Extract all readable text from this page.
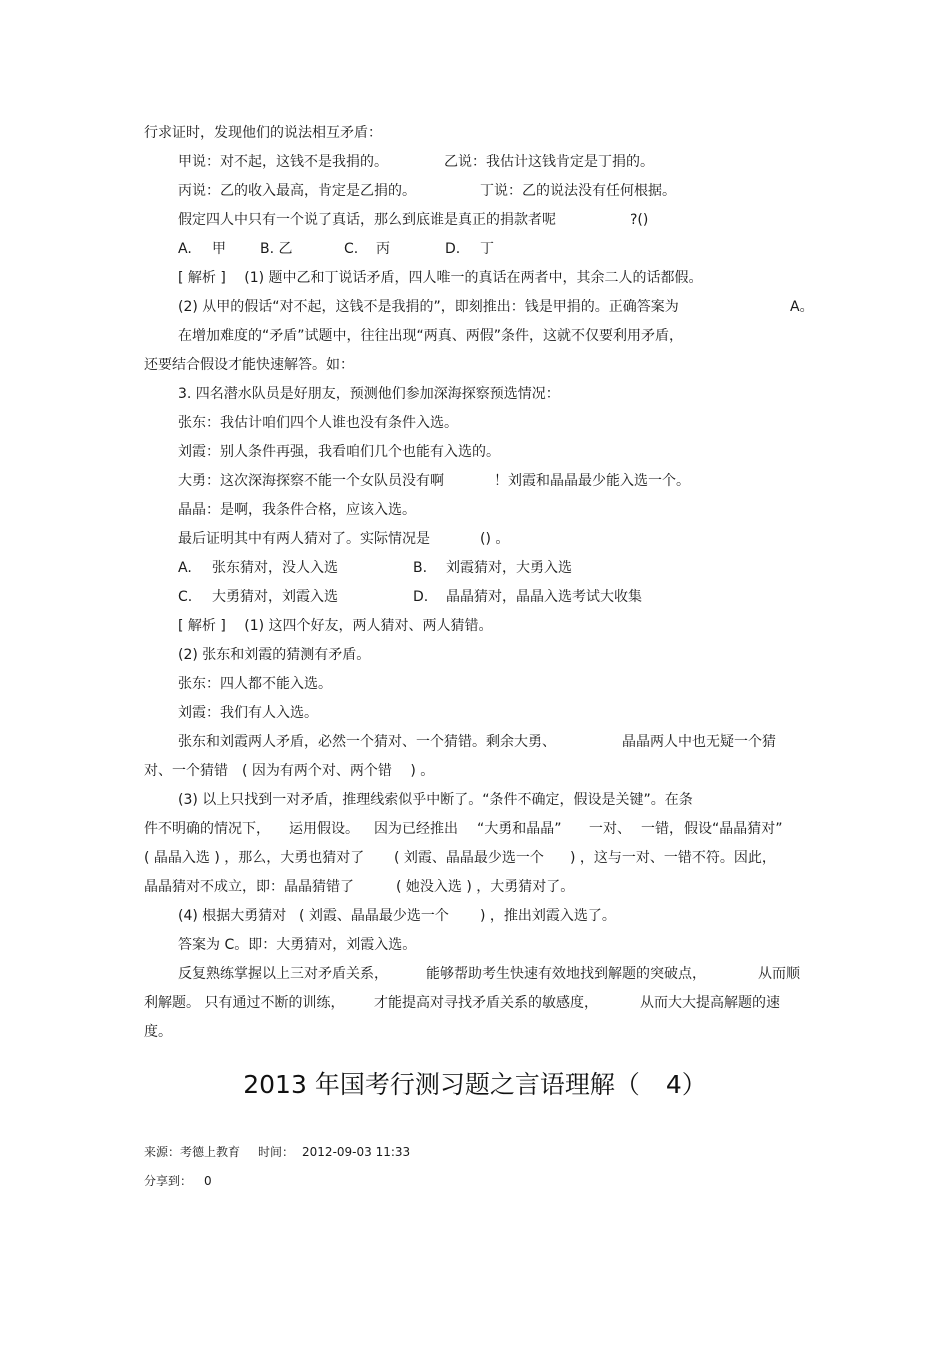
行求证时，发现他们的说法相互矛盾：
甲说：对不起，这钱不是我捐的。	乙说：我估计这钱肯定是丁捐的。
丙说：乙的收入最高，肯定是乙捐的。	丁说：乙的说法没有任何根据。
假定四人中只有一个说了真话，那么到底谁是真正的捐款者呢	?()
A. 甲 B. 乙	C. 丙	D. 丁
[ 解析 ]　 (1) 题中乙和丁说话矛盾，四人唯一的真话在两者中，其余二人的话都假。
(2) 从甲的假话“对不起，这钱不是我捐的”，即刻推出：钱是甲捐的。正确答案为	A。
在增加难度的“矛盾”试题中，往往出现“两真、两假”条件，这就不仅要利用矛盾，
还要结合假设才能快速解答。如：
3. 四名潜水队员是好朋友，预测他们参加深海探察预选情况：
张东：我估计咱们四个人谁也没有条件入选。
刘霞：别人条件再强，我看咱们几个也能有入选的。
大勇：这次深海探察不能一个女队员没有啊	！刘霞和晶晶最少能入选一个。
晶晶：是啊，我条件合格，应该入选。
最后证明其中有两人猜对了。实际情况是	() 。
A. 张东猜对，没人入选	B. 刘霞猜对，大勇入选
C. 大勇猜对，刘霞入选	D. 晶晶猜对，晶晶入选考试大收集
[ 解析 ]　 (1) 这四个好友，两人猜对、两人猜错。
(2) 张东和刘霞的猜测有矛盾。
张东：四人都不能入选。
刘霞：我们有人入选。
张东和刘霞两人矛盾，必然一个猜对、一个猜错。剩余大勇、	晶晶两人中也无疑一个猜
对、一个猜错　( 因为有两个对、两个错　 ) 。
(3) 以上只找到一对矛盾，推理线索似乎中断了。“条件不确定，假设是关键”。在条
件不明确的情况下， 运用假设。 因为已经推出 “大勇和晶晶” 一对、 一错， 假设“晶晶猜对”
( 晶晶入选 ) ，那么，大勇也猜对了 ( 刘霞、晶晶最少选一个 ) ，这与一对、一错不符。因此，
晶晶猜对不成立，即：晶晶猜错了	( 她没入选 ) ，大勇猜对了。
(4) 根据大勇猜对 ( 刘霞、晶晶最少选一个 ) ，推出刘霞入选了。
答案为 C。即：大勇猜对，刘霞入选。
反复熟练掌握以上三对矛盾关系，	能够帮助考生快速有效地找到解题的突破点，	从而顺
利解题。 只有通过不断的训练， 才能提高对寻找矛盾关系的敏感度，	从而大大提高解题的速
度。
2013 年国考行测习题之言语理解（ 4）
来源：考德上教育 时间： 2012-09-03 11:33
分享到： 0
